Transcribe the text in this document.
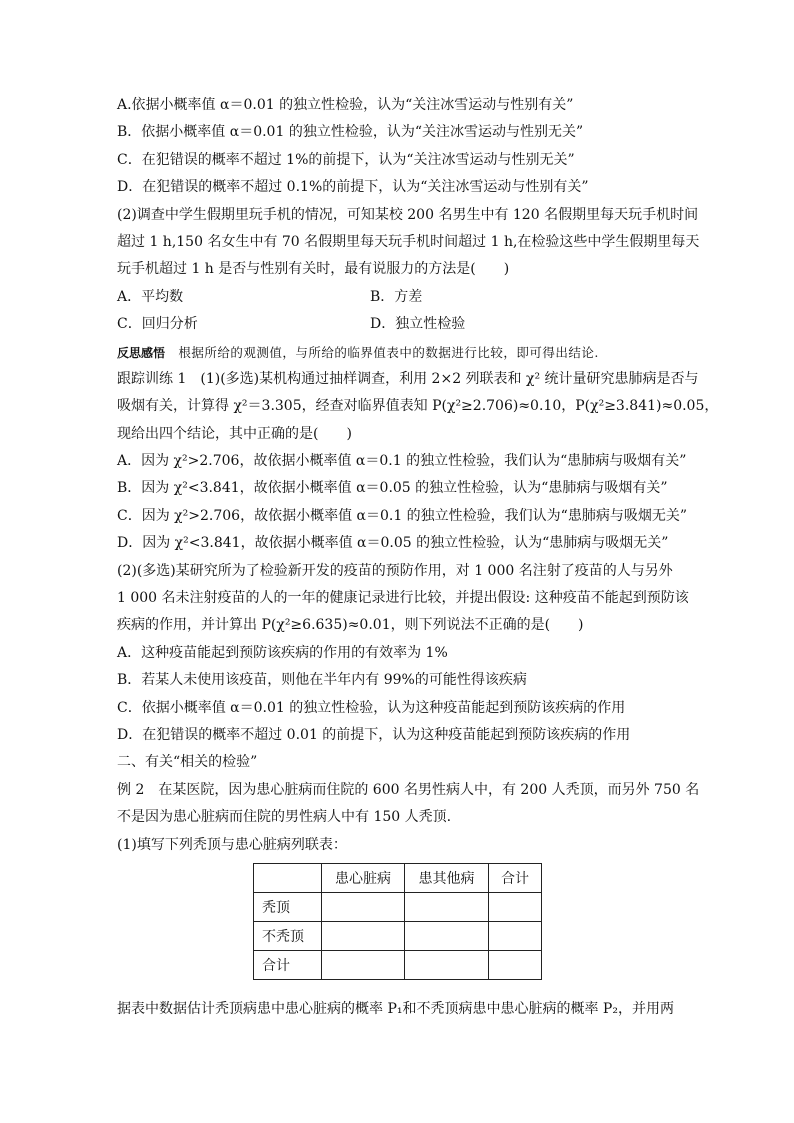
A.依据小概率值 α＝0.01 的独立性检验，认为“关注冰雪运动与性别有关”
B．依据小概率值 α＝0.01 的独立性检验，认为“关注冰雪运动与性别无关”
C．在犯错误的概率不超过 1%的前提下，认为“关注冰雪运动与性别无关”
D．在犯错误的概率不超过 0.1%的前提下，认为“关注冰雪运动与性别有关”
(2)调查中学生假期里玩手机的情况，可知某校 200 名男生中有 120 名假期里每天玩手机时间
超过 1 h,150 名女生中有 70 名假期里每天玩手机时间超过 1 h,在检验这些中学生假期里每天
玩手机超过 1 h 是否与性别有关时，最有说服力的方法是(　　)
A．平均数	B．方差
C．回归分析	D．独立性检验
反思感悟 根据所给的观测值，与所给的临界值表中的数据进行比较，即可得出结论.
跟踪训练 1　(1)(多选)某机构通过抽样调查，利用 2×2 列联表和 χ² 统计量研究患肺病是否与
吸烟有关，计算得 χ²＝3.305，经查对临界值表知 P(χ²≥2.706)≈0.10，P(χ²≥3.841)≈0.05，
现给出四个结论，其中正确的是(　　)
A．因为 χ²>2.706，故依据小概率值 α＝0.1 的独立性检验，我们认为“患肺病与吸烟有关”
B．因为 χ²<3.841，故依据小概率值 α＝0.05 的独立性检验，认为“患肺病与吸烟有关”
C．因为 χ²>2.706，故依据小概率值 α＝0.1 的独立性检验，我们认为“患肺病与吸烟无关”
D．因为 χ²<3.841，故依据小概率值 α＝0.05 的独立性检验，认为“患肺病与吸烟无关”
(2)(多选)某研究所为了检验新开发的疫苗的预防作用，对 1 000 名注射了疫苗的人与另外
1 000 名未注射疫苗的人的一年的健康记录进行比较，并提出假设: 这种疫苗不能起到预防该
疾病的作用，并计算出 P(χ²≥6.635)≈0.01，则下列说法不正确的是(　　)
A．这种疫苗能起到预防该疾病的作用的有效率为 1%
B．若某人未使用该疫苗，则他在半年内有 99%的可能性得该疾病
C．依据小概率值 α＝0.01 的独立性检验，认为这种疫苗能起到预防该疾病的作用
D．在犯错误的概率不超过 0.01 的前提下，认为这种疫苗能起到预防该疾病的作用
二、有关“相关的检验”
例 2　在某医院，因为患心脏病而住院的 600 名男性病人中，有 200 人秃顶，而另外 750 名
不是因为患心脏病而住院的男性病人中有 150 人秃顶.
(1)填写下列秃顶与患心脏病列联表：
	患心脏病	患其他病	合计
秃顶			
不秃顶			
合计			
据表中数据估计秃顶病患中患心脏病的概率 P₁和不秃顶病患中患心脏病的概率 P₂，并用两
